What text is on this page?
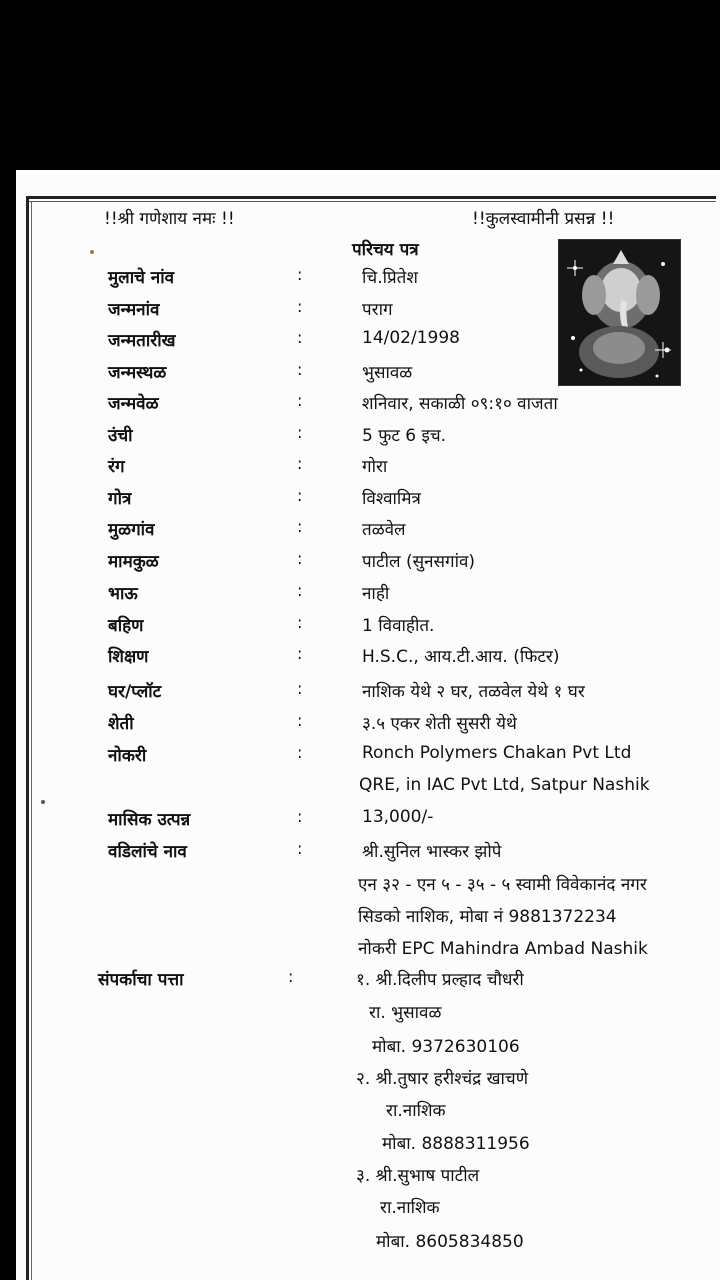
!!श्री गणेशाय नमः !!	!!कुलस्वामीनी प्रसन्न !!
परिचय पत्र
मुलाचे नांव	:	चि.प्रितेश
जन्मनांव	:	पराग
जन्मतारीख	:	14/02/1998
जन्मस्थळ	:	भुसावळ
जन्मवेळ	:	शनिवार, सकाळी ०९:१० वाजता
उंची	:	5 फुट 6 इच.
रंग	:	गोरा
गोत्र	:	विश्वामित्र
मुळगांव	:	तळवेल
मामकुळ	:	पाटील (सुनसगांव)
भाऊ	:	नाही
बहिण	:	1 विवाहीत.
शिक्षण	:	H.S.C., आय.टी.आय. (फिटर)
घर/प्लॉट	:	नाशिक येथे २ घर, तळवेल येथे १ घर
शेती	:	३.५ एकर शेती सुसरी येथे
नोकरी	:	Ronch Polymers Chakan Pvt Ltd
QRE, in IAC Pvt Ltd, Satpur Nashik
मासिक उत्पन्न	:	13,000/-
वडिलांचे नाव	:	श्री.सुनिल भास्कर झोपे
एन ३२ - एन ५ - ३५ - ५ स्वामी विवेकानंद नगर
सिडको नाशिक, मोबा नं 9881372234
नोकरी EPC Mahindra Ambad Nashik
संपर्काचा पत्ता	:	१. श्री.दिलीप प्रल्हाद चौधरी
रा. भुसावळ
मोबा. 9372630106
२. श्री.तुषार हरीश्चंद्र खाचणे
रा.नाशिक
मोबा. 8888311956
३. श्री.सुभाष पाटील
रा.नाशिक
मोबा. 8605834850
